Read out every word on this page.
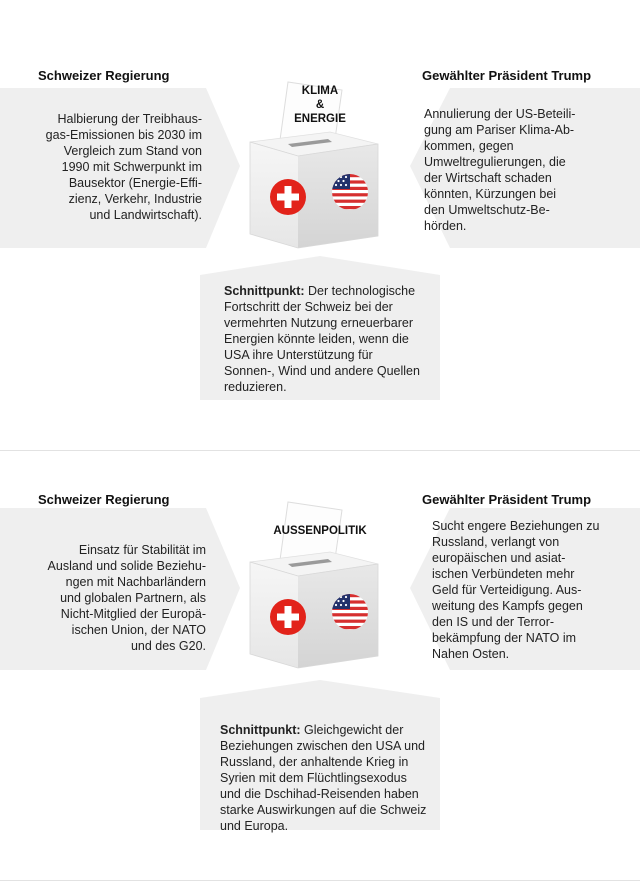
Schweizer Regierung	Gewählter Präsident Trump
Halbierung der Treibhaus-
gas-Emissionen bis 2030 im
Vergleich zum Stand von
1990 mit Schwerpunkt im
Bausektor (Energie-Effi-
zienz, Verkehr, Industrie
und Landwirtschaft).
Annulierung der US-Beteili-
gung am Pariser Klima-Ab-
kommen, gegen
Umweltregulierungen, die
der Wirtschaft schaden
könnten, Kürzungen bei
den Umweltschutz-Be-
hörden.
Schnittpunkt: Der technologische
Fortschritt der Schweiz bei der
vermehrten Nutzung erneuerbarer
Energien könnte leiden, wenn die
USA ihre Unterstützung für
Sonnen-, Wind und andere Quellen
reduzieren.
KLIMA
&
ENERGIE
Schweizer Regierung	Gewählter Präsident Trump
Einsatz für Stabilität im
Ausland und solide Beziehu-
ngen mit Nachbarländern
und globalen Partnern, als
Nicht-Mitglied der Europä-
ischen Union, der NATO
und des G20.
Sucht engere Beziehungen zu
Russland, verlangt von
europäischen und asiat-
ischen Verbündeten mehr
Geld für Verteidigung. Aus-
weitung des Kampfs gegen
den IS und der Terror-
bekämpfung der NATO im
Nahen Osten.
Schnittpunkt: Gleichgewicht der
Beziehungen zwischen den USA und
Russland, der anhaltende Krieg in
Syrien mit dem Flüchtlingsexodus
und die Dschihad-Reisenden haben
starke Auswirkungen auf die Schweiz
und Europa.
AUSSENPOLITIK
